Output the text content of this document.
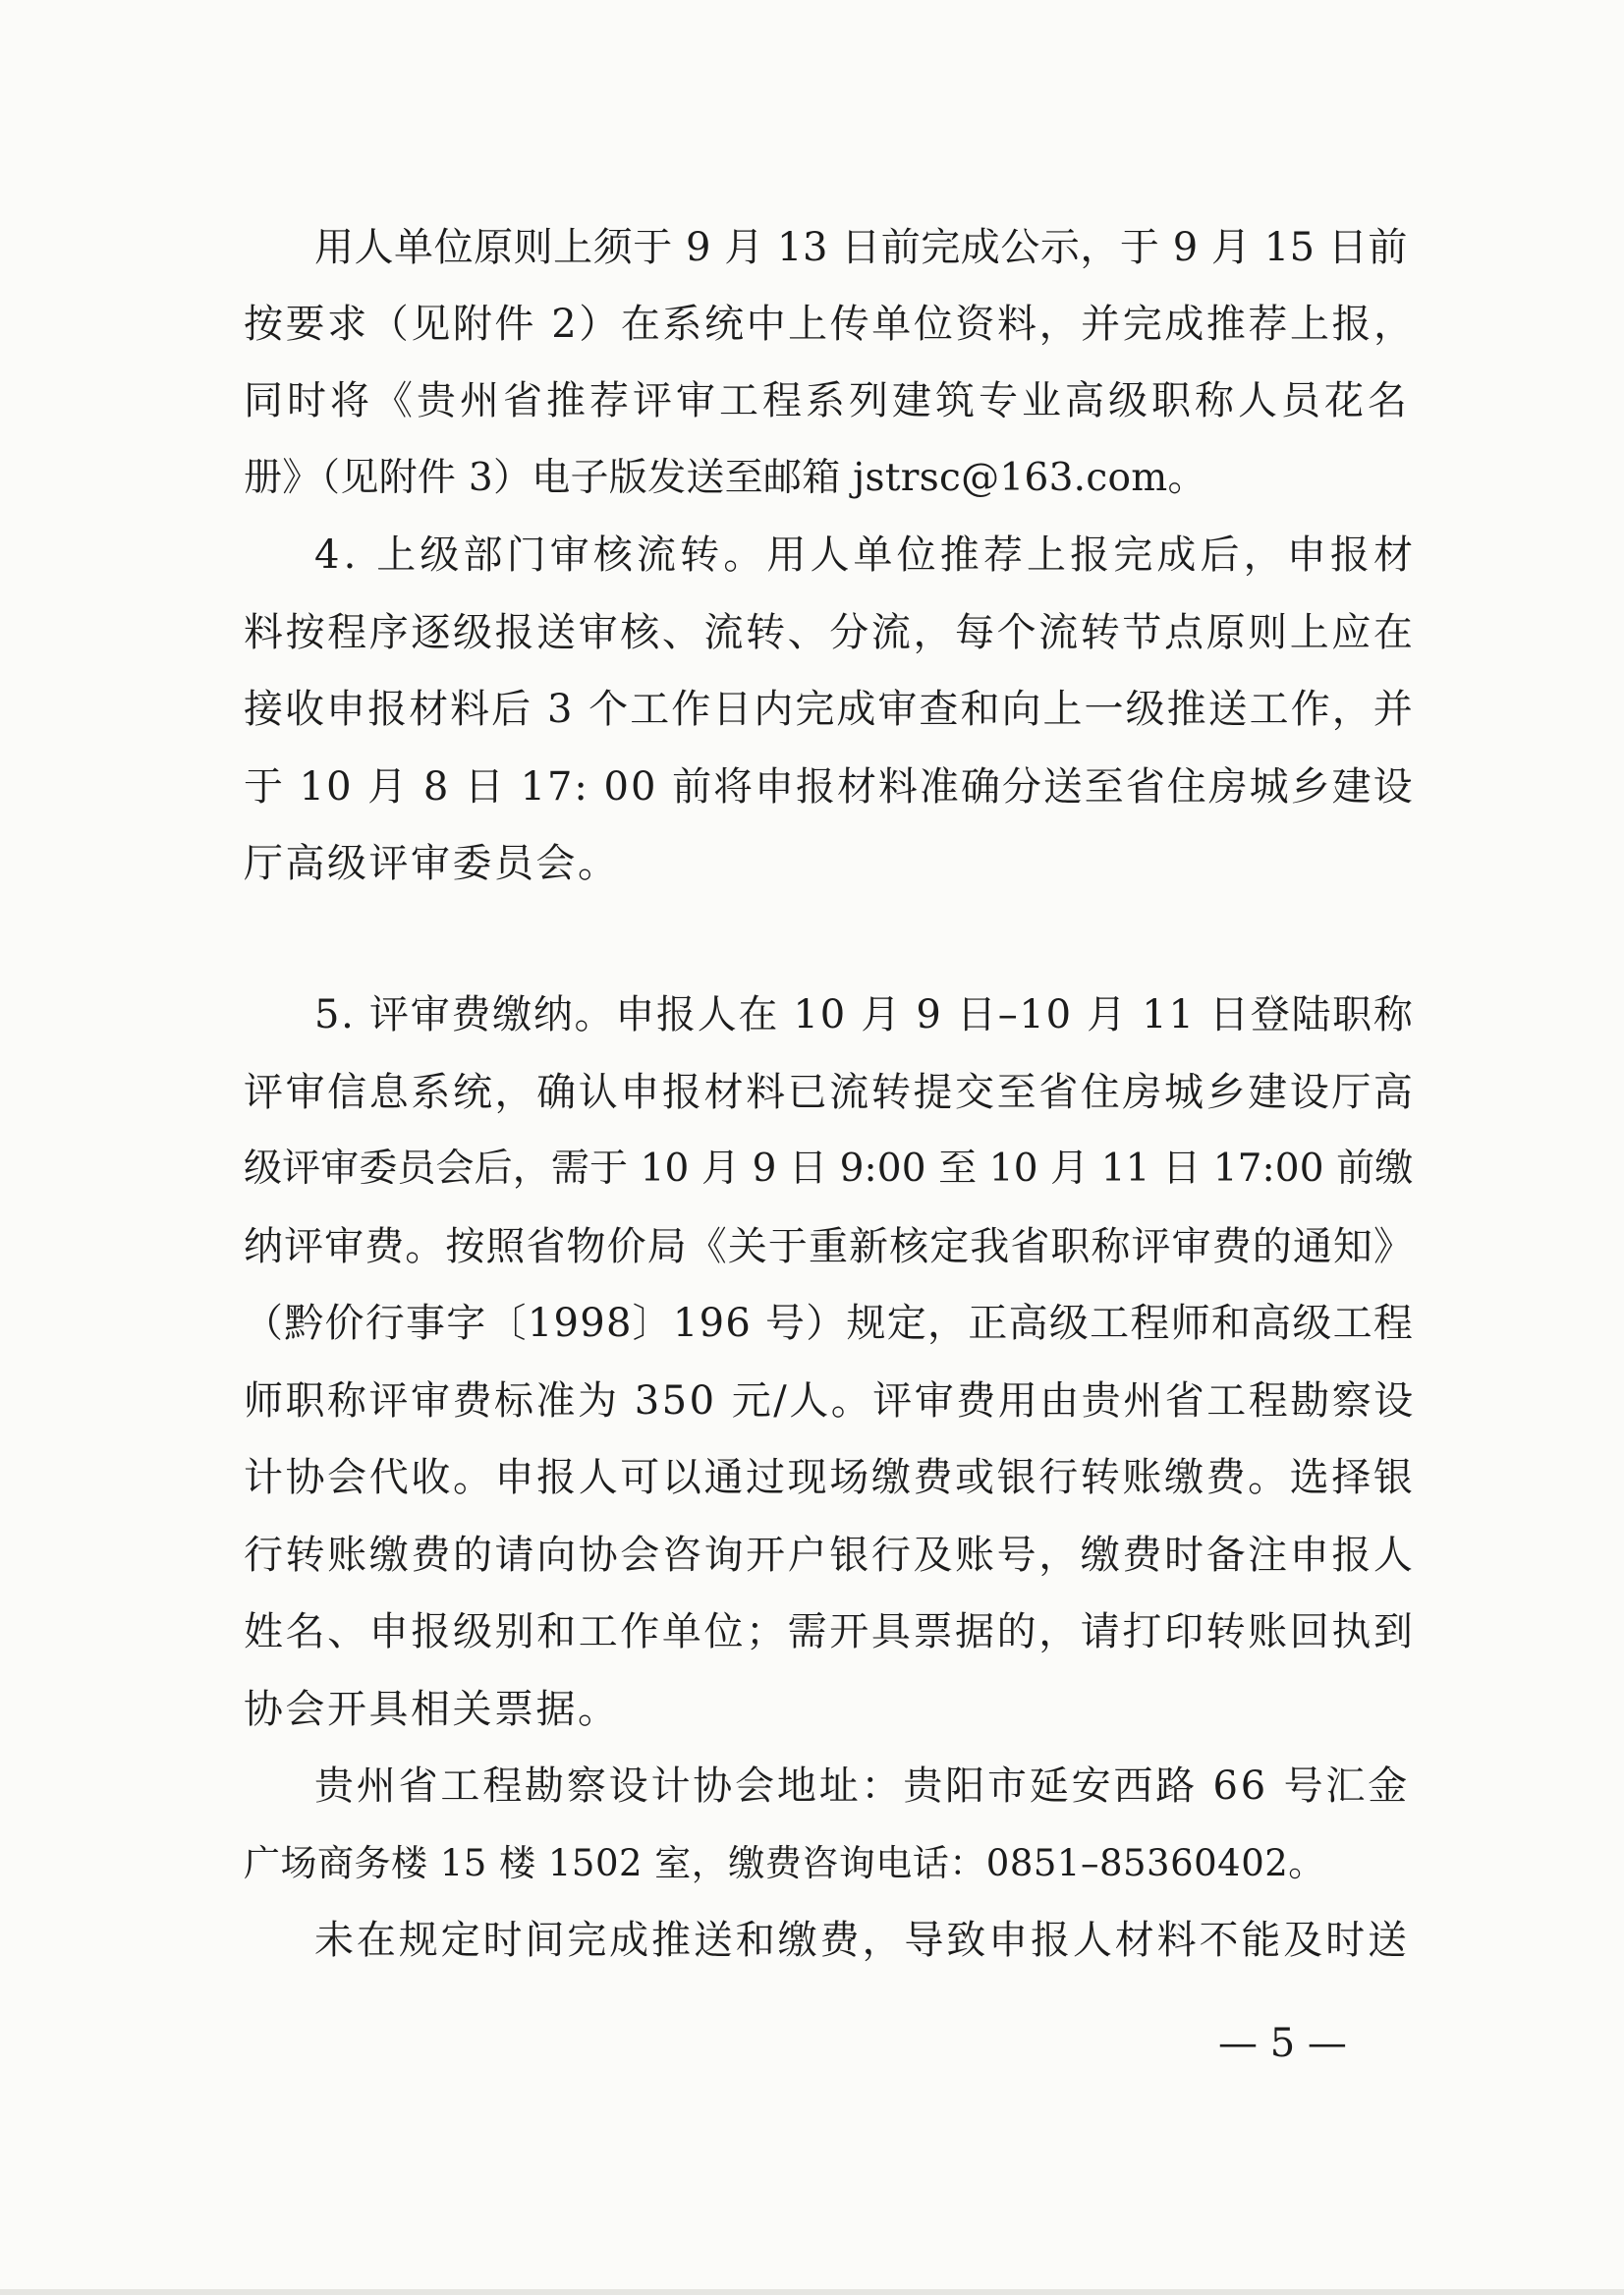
用人单位原则上须于 9 月 13 日前完成公示，于 9 月 15 日前
按要求（见附件 2）在系统中上传单位资料，并完成推荐上报，
同时将《贵州省推荐评审工程系列建筑专业高级职称人员花名
册》（见附件 3）电子版发送至邮箱 jstrsc@163.com。
4. 上级部门审核流转。用人单位推荐上报完成后，申报材
料按程序逐级报送审核、流转、分流，每个流转节点原则上应在
接收申报材料后 3 个工作日内完成审查和向上一级推送工作，并
于 10 月 8 日 17: 00 前将申报材料准确分送至省住房城乡建设
厅高级评审委员会。
5. 评审费缴纳。申报人在 10 月 9 日–10 月 11 日登陆职称
评审信息系统，确认申报材料已流转提交至省住房城乡建设厅高
级评审委员会后，需于 10 月 9 日 9:00 至 10 月 11 日 17:00 前缴
纳评审费。按照省物价局《关于重新核定我省职称评审费的通知》
（黔价行事字〔1998〕196 号）规定，正高级工程师和高级工程
师职称评审费标准为 350 元/人。评审费用由贵州省工程勘察设
计协会代收。申报人可以通过现场缴费或银行转账缴费。选择银
行转账缴费的请向协会咨询开户银行及账号，缴费时备注申报人
姓名、申报级别和工作单位；需开具票据的，请打印转账回执到
协会开具相关票据。
贵州省工程勘察设计协会地址：贵阳市延安西路 66 号汇金
广场商务楼 15 楼 1502 室，缴费咨询电话：0851–85360402。
未在规定时间完成推送和缴费，导致申报人材料不能及时送
— 5 —
